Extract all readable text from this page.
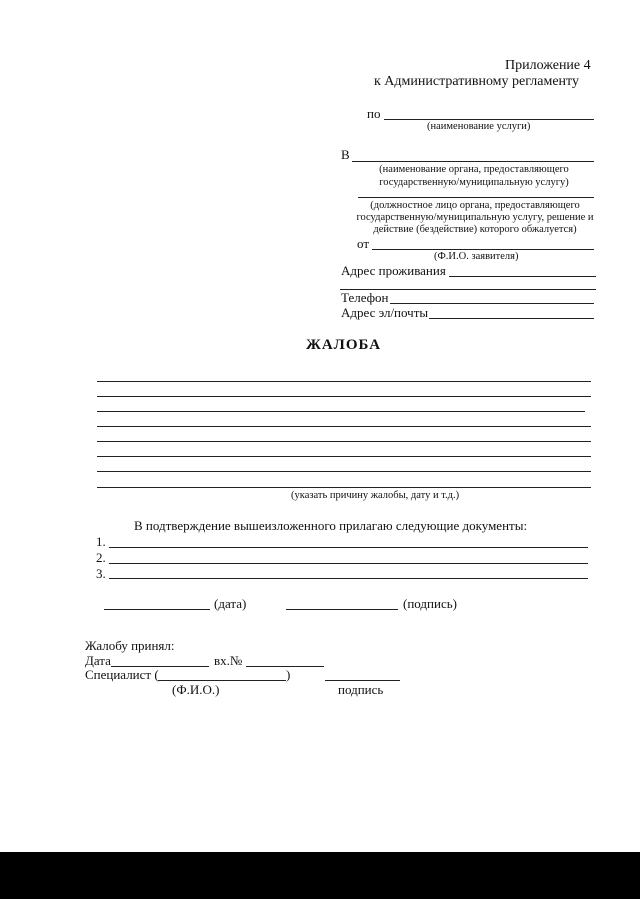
Приложение 4
к Административному регламенту
по
(наименование услуги)
В
(наименование органа, предоставляющего государственную/муниципальную услугу)
(должностное лицо органа, предоставляющего государственную/муниципальную услугу, решение и действие (бездействие) которого обжалуется)
от
(Ф.И.О. заявителя)
Адрес проживания
Телефон
Адрес эл/почты
ЖАЛОБА
(указать причину жалобы, дату и т.д.)
В подтверждение вышеизложенного прилагаю следующие документы:
1.
2.
3.
(дата)	(подпись)
Жалобу принял:
Дата	вх.№
Специалист (	)
(Ф.И.О.)	подпись
